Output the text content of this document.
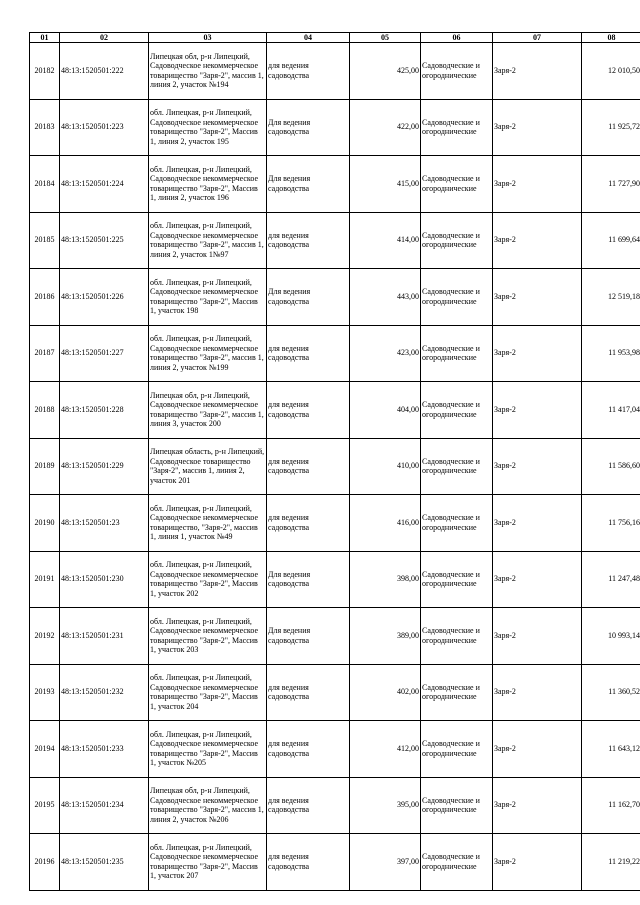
01	02	03	04	05	06	07	08
20182	48:13:1520501:222	Липецкая обл, р-н Липецкий, Садоводческое некоммерческое товарищество "Заря-2", массив 1, линия 2, участок №194	для ведения садоводства	425,00	Садоводческие и огороднические	Заря-2	12 010,50
20183	48:13:1520501:223	обл. Липецкая, р-н Липецкий, Садоводческое некоммерческое товарищество "Заря-2", Массив 1, линия 2, участок 195	Для ведения садоводства	422,00	Садоводческие и огороднические	Заря-2	11 925,72
20184	48:13:1520501:224	обл. Липецкая, р-н Липецкий, Садоводческое некоммерческое товарищество "Заря-2", Массив 1, линия 2, участок 196	Для ведения садоводства	415,00	Садоводческие и огороднические	Заря-2	11 727,90
20185	48:13:1520501:225	обл. Липецкая, р-н Липецкий, Садоводческое некоммерческое товарищество "Заря-2", массив 1, линия 2, участок 1№97	для ведения садоводства	414,00	Садоводческие и огороднические	Заря-2	11 699,64
20186	48:13:1520501:226	обл. Липецкая, р-н Липецкий, Садоводческое некоммерческое товарищество "Заря-2", Массив 1, участок 198	Для ведения садоводства	443,00	Садоводческие и огороднические	Заря-2	12 519,18
20187	48:13:1520501:227	обл. Липецкая, р-н Липецкий, Садоводческое некоммерческое товарищество "Заря-2", массив 1, линия 2, участок №199	для ведения садоводства	423,00	Садоводческие и огороднические	Заря-2	11 953,98
20188	48:13:1520501:228	Липецкая обл, р-н Липецкий, Садоводческое некоммерческое товарищество "Заря-2", массив 1, линия 3, участок 200	для ведения садоводства	404,00	Садоводческие и огороднические	Заря-2	11 417,04
20189	48:13:1520501:229	Липецкая область, р-н Липецкий, Садоводческое товарищество "Заря-2", массив 1, линия 2, участок 201	для ведения садоводства	410,00	Садоводческие и огороднические	Заря-2	11 586,60
20190	48:13:1520501:23	обл. Липецкая, р-н Липецкий, Садоводческое некоммерческое товарищество, "Заря-2", массив 1, линия 1, участок №49	для ведения садоводства	416,00	Садоводческие и огороднические	Заря-2	11 756,16
20191	48:13:1520501:230	обл. Липецкая, р-н Липецкий, Садоводческое некоммерческое товарищество "Заря-2", Массив 1, участок 202	Для ведения садоводства	398,00	Садоводческие и огороднические	Заря-2	11 247,48
20192	48:13:1520501:231	обл. Липецкая, р-н Липецкий, Садоводческое некоммерческое товарищество "Заря-2", Массив 1, участок 203	Для ведения садоводства	389,00	Садоводческие и огороднические	Заря-2	10 993,14
20193	48:13:1520501:232	обл. Липецкая, р-н Липецкий, Садоводческое некоммерческое товарищество "Заря-2", Массив 1, участок 204	для ведения садоводства	402,00	Садоводческие и огороднические	Заря-2	11 360,52
20194	48:13:1520501:233	обл. Липецкая, р-н Липецкий, Садоводческое некоммерческое товарищество "Заря-2", Массив 1, участок №205	для ведения садоводства	412,00	Садоводческие и огороднические	Заря-2	11 643,12
20195	48:13:1520501:234	Липецкая обл, р-н Липецкий, Садоводческое некоммерческое товарищество "Заря-2", массив 1, линия 2, участок №206	для ведения садоводства	395,00	Садоводческие и огороднические	Заря-2	11 162,70
20196	48:13:1520501:235	обл. Липецкая, р-н Липецкий, Садоводческое некоммерческое товарищество "Заря-2", Массив 1, участок 207	для ведения садоводства	397,00	Садоводческие и огороднические	Заря-2	11 219,22
